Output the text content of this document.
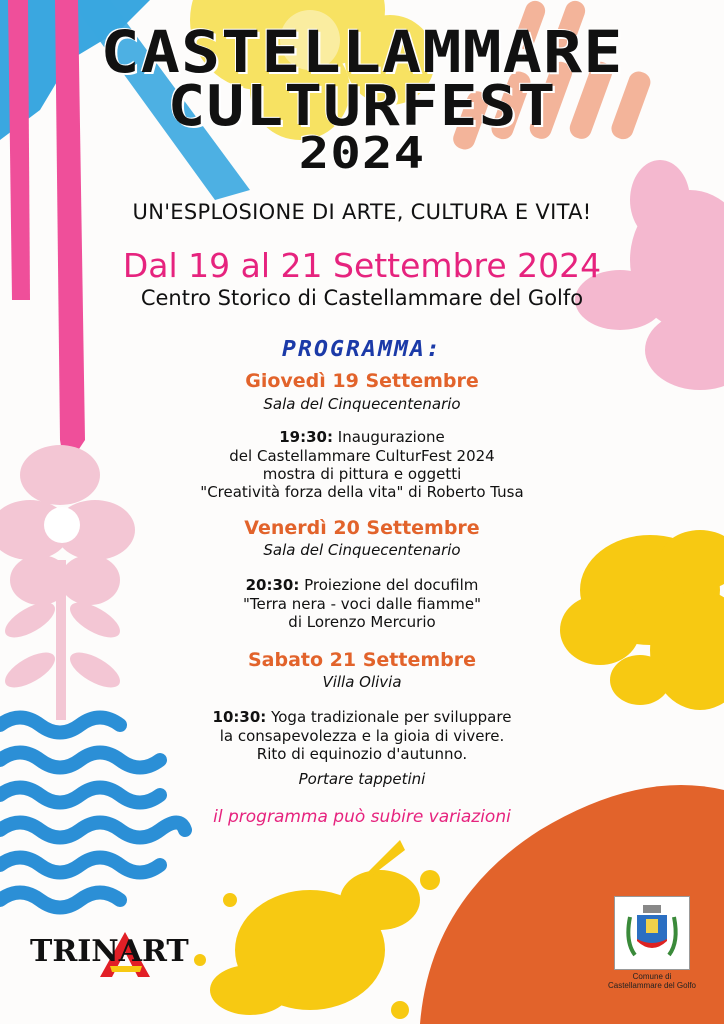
CASTELLAMMARE
CULTURFEST
2024
UN'ESPLOSIONE DI ARTE, CULTURA E VITA!
Dal 19 al 21 Settembre 2024
Centro Storico di Castellammare del Golfo
PROGRAMMA:
Giovedì 19 Settembre
Sala del Cinquecentenario
19:30: Inaugurazione
del Castellammare CulturFest 2024
mostra di pittura e oggetti
"Creatività forza della vita" di Roberto Tusa
Venerdì 20 Settembre
Sala del Cinquecentenario
20:30: Proiezione del docufilm
"Terra nera - voci dalle fiamme"
di Lorenzo Mercurio
Sabato 21 Settembre
Villa Olivia
10:30: Yoga tradizionale per sviluppare
la consapevolezza e la gioia di vivere.
Rito di equinozio d'autunno.
Portare tappetini
il programma può subire variazioni
TRINART
Comune di
Castellammare del Golfo
